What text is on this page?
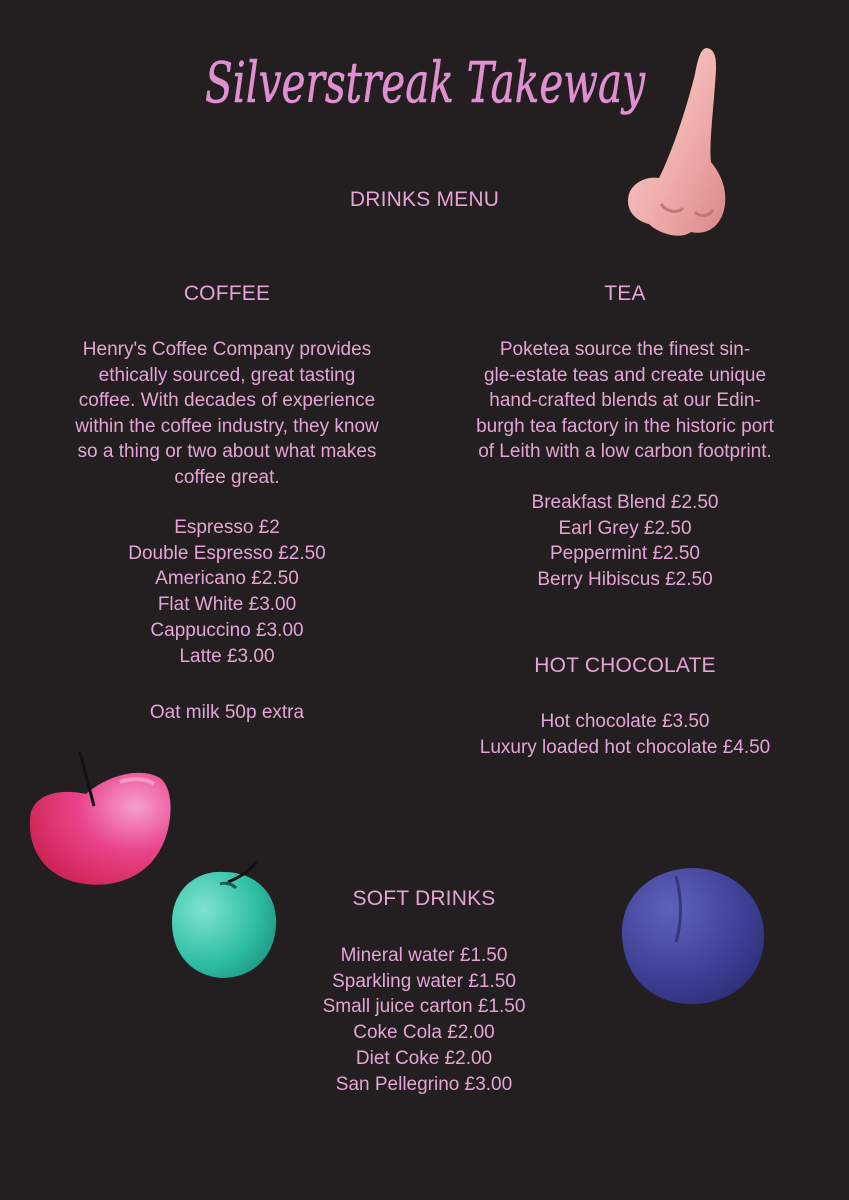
Silverstreak Takeway
DRINKS MENU
COFFEE
Henry's Coffee Company provides
ethically sourced, great tasting
coffee. With decades of experience
within the coffee industry, they know
so a thing or two about what makes
coffee great.
Espresso £2
Double Espresso £2.50
Americano £2.50
Flat White £3.00
Cappuccino £3.00
Latte £3.00
Oat milk 50p extra
TEA
Poketea source the finest sin-
gle-estate teas and create unique
hand-crafted blends at our Edin-
burgh tea factory in the historic port
of Leith with a low carbon footprint.
Breakfast Blend £2.50
Earl Grey £2.50
Peppermint £2.50
Berry Hibiscus £2.50
HOT CHOCOLATE
Hot chocolate £3.50
Luxury loaded hot chocolate £4.50
SOFT DRINKS
Mineral water £1.50
Sparkling water £1.50
Small juice carton £1.50
Coke Cola £2.00
Diet Coke £2.00
San Pellegrino £3.00
